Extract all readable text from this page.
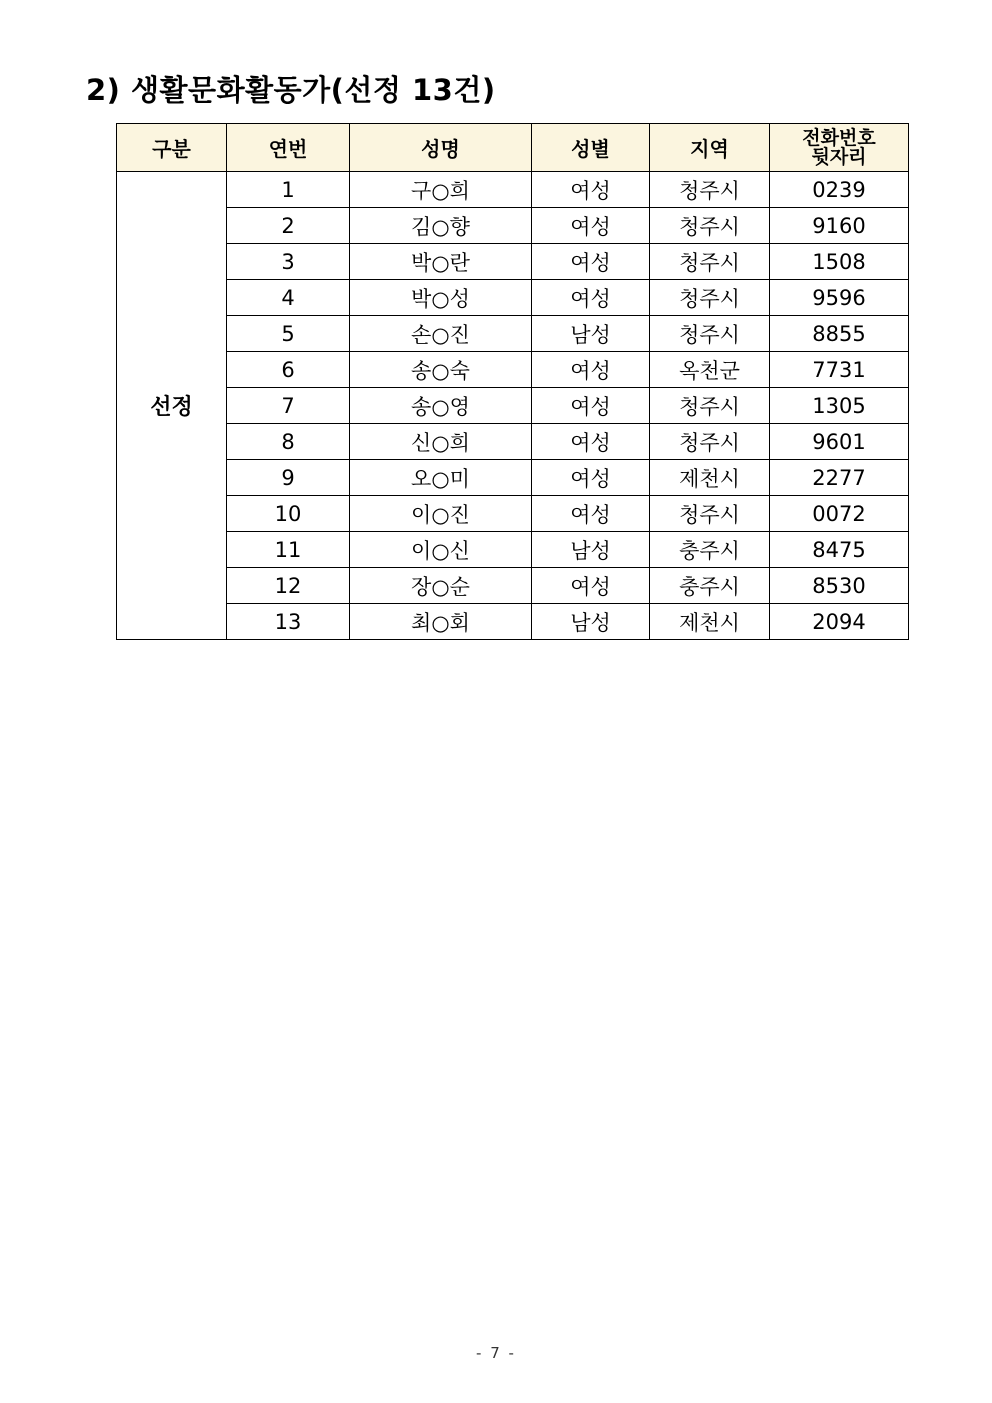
2) 생활문화활동가(선정 13건)
구분	연번	성명	성별	지역	전화번호
뒷자리

선정	1	구○희	여성	청주시	0239
	2	김○향	여성	청주시	9160
	3	박○란	여성	청주시	1508
	4	박○성	여성	청주시	9596
	5	손○진	남성	청주시	8855
	6	송○숙	여성	옥천군	7731
	7	송○영	여성	청주시	1305
	8	신○희	여성	청주시	9601
	9	오○미	여성	제천시	2277
	10	이○진	여성	청주시	0072
	11	이○신	남성	충주시	8475
	12	장○순	여성	충주시	8530
	13	최○회	남성	제천시	2094
- 7 -
